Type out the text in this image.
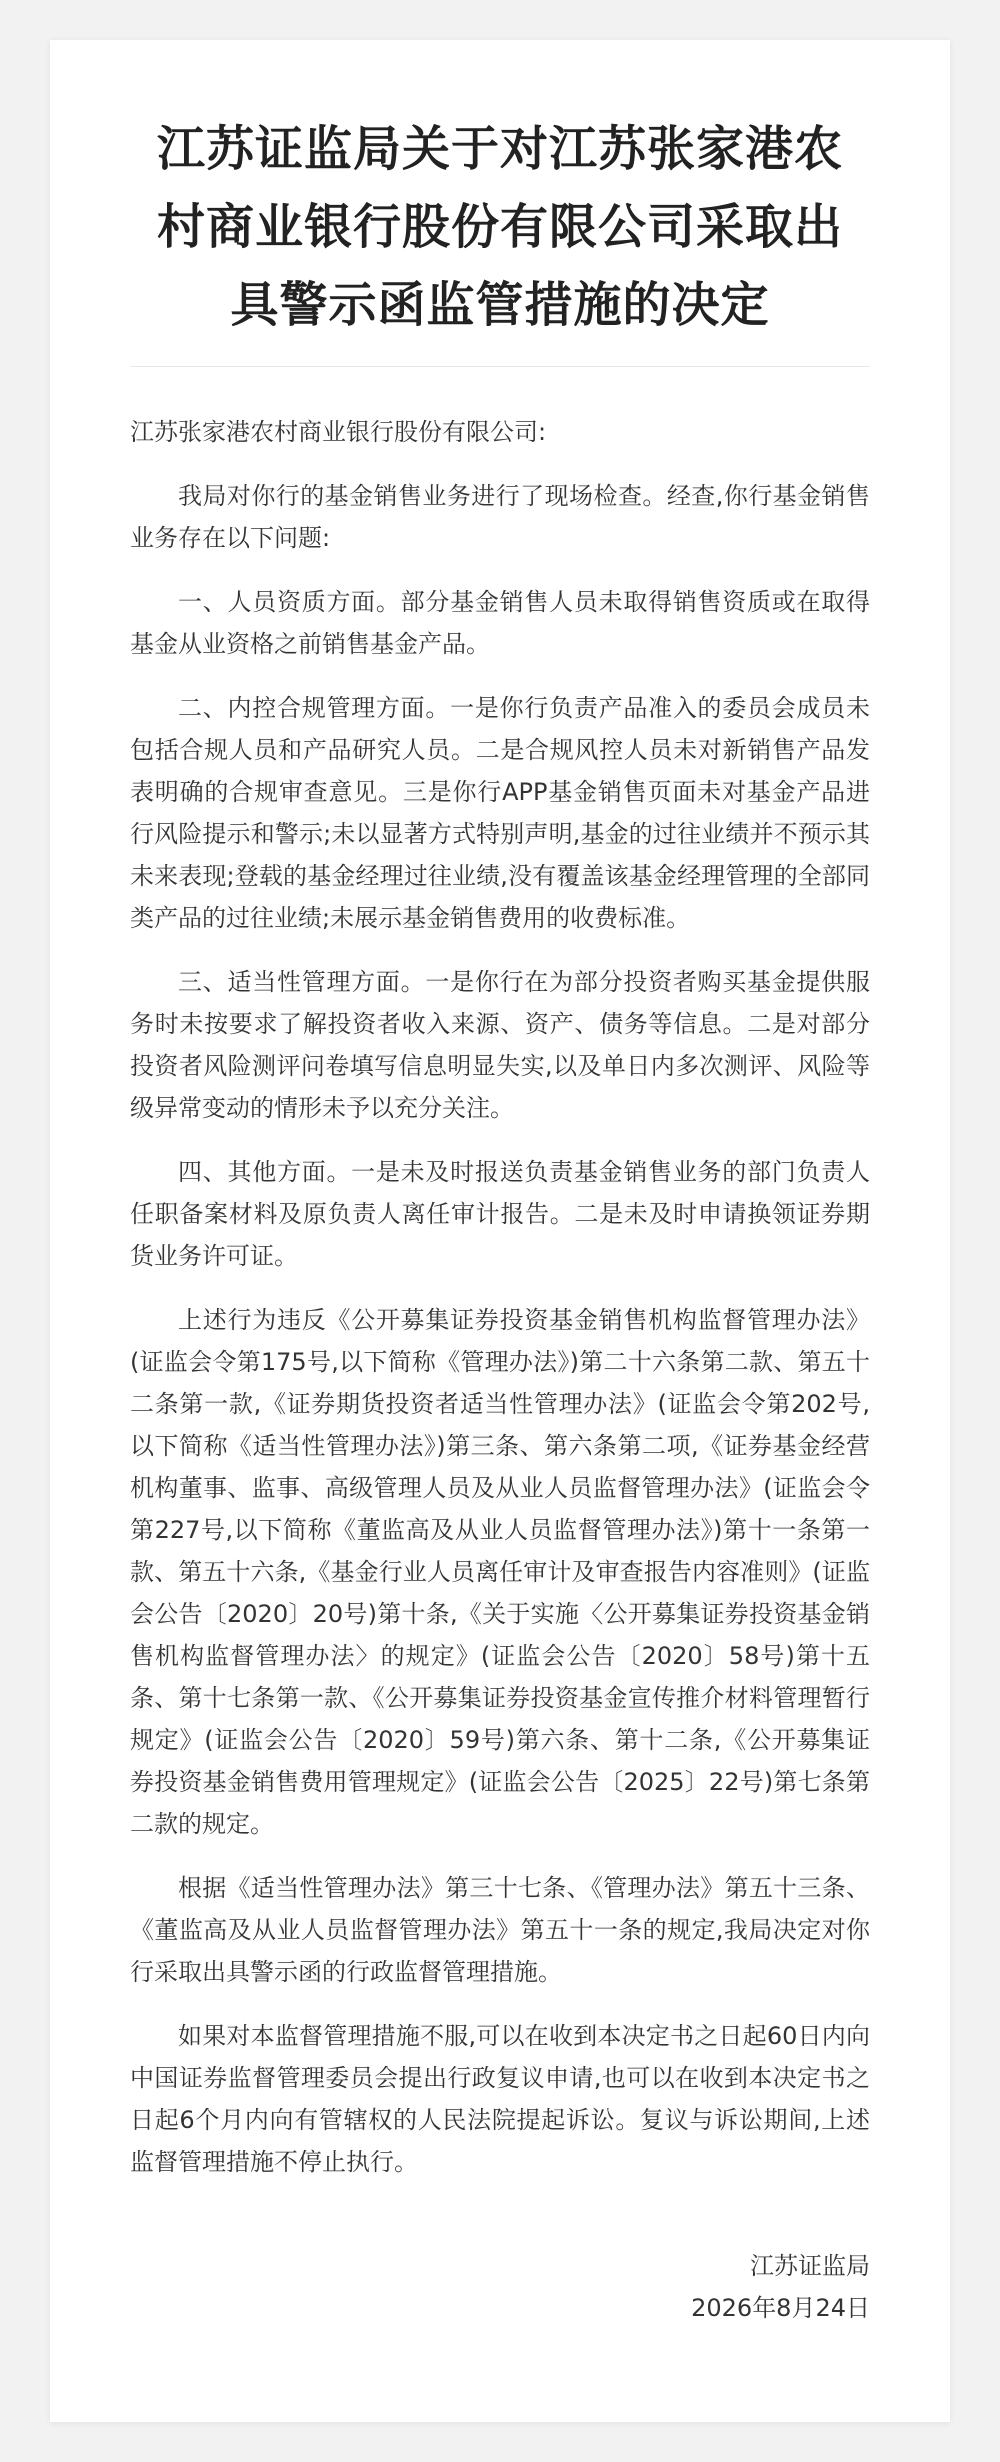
江苏证监局关于对江苏张家港农村商业银行股份有限公司采取出具警示函监管措施的决定
江苏张家港农村商业银行股份有限公司:
我局对你行的基金销售业务进行了现场检查。经查,你行基金销售业务存在以下问题:
一、人员资质方面。部分基金销售人员未取得销售资质或在取得基金从业资格之前销售基金产品。
二、内控合规管理方面。一是你行负责产品准入的委员会成员未包括合规人员和产品研究人员。二是合规风控人员未对新销售产品发表明确的合规审查意见。三是你行APP基金销售页面未对基金产品进行风险提示和警示;未以显著方式特别声明,基金的过往业绩并不预示其未来表现;登载的基金经理过往业绩,没有覆盖该基金经理管理的全部同类产品的过往业绩;未展示基金销售费用的收费标准。
三、适当性管理方面。一是你行在为部分投资者购买基金提供服务时未按要求了解投资者收入来源、资产、债务等信息。二是对部分投资者风险测评问卷填写信息明显失实,以及单日内多次测评、风险等级异常变动的情形未予以充分关注。
四、其他方面。一是未及时报送负责基金销售业务的部门负责人任职备案材料及原负责人离任审计报告。二是未及时申请换领证券期货业务许可证。
上述行为违反《公开募集证券投资基金销售机构监督管理办法》(证监会令第175号,以下简称《管理办法》)第二十六条第二款、第五十二条第一款,《证券期货投资者适当性管理办法》(证监会令第202号,以下简称《适当性管理办法》)第三条、第六条第二项,《证券基金经营机构董事、监事、高级管理人员及从业人员监督管理办法》(证监会令第227号,以下简称《董监高及从业人员监督管理办法》)第十一条第一款、第五十六条,《基金行业人员离任审计及审查报告内容准则》(证监会公告〔2020〕20号)第十条,《关于实施〈公开募集证券投资基金销售机构监督管理办法〉的规定》(证监会公告〔2020〕58号)第十五条、第十七条第一款、《公开募集证券投资基金宣传推介材料管理暂行规定》(证监会公告〔2020〕59号)第六条、第十二条,《公开募集证券投资基金销售费用管理规定》(证监会公告〔2025〕22号)第七条第二款的规定。
根据《适当性管理办法》第三十七条、《管理办法》第五十三条、《董监高及从业人员监督管理办法》第五十一条的规定,我局决定对你行采取出具警示函的行政监督管理措施。
如果对本监督管理措施不服,可以在收到本决定书之日起60日内向中国证券监督管理委员会提出行政复议申请,也可以在收到本决定书之日起6个月内向有管辖权的人民法院提起诉讼。复议与诉讼期间,上述监督管理措施不停止执行。
江苏证监局
2026年8月24日
